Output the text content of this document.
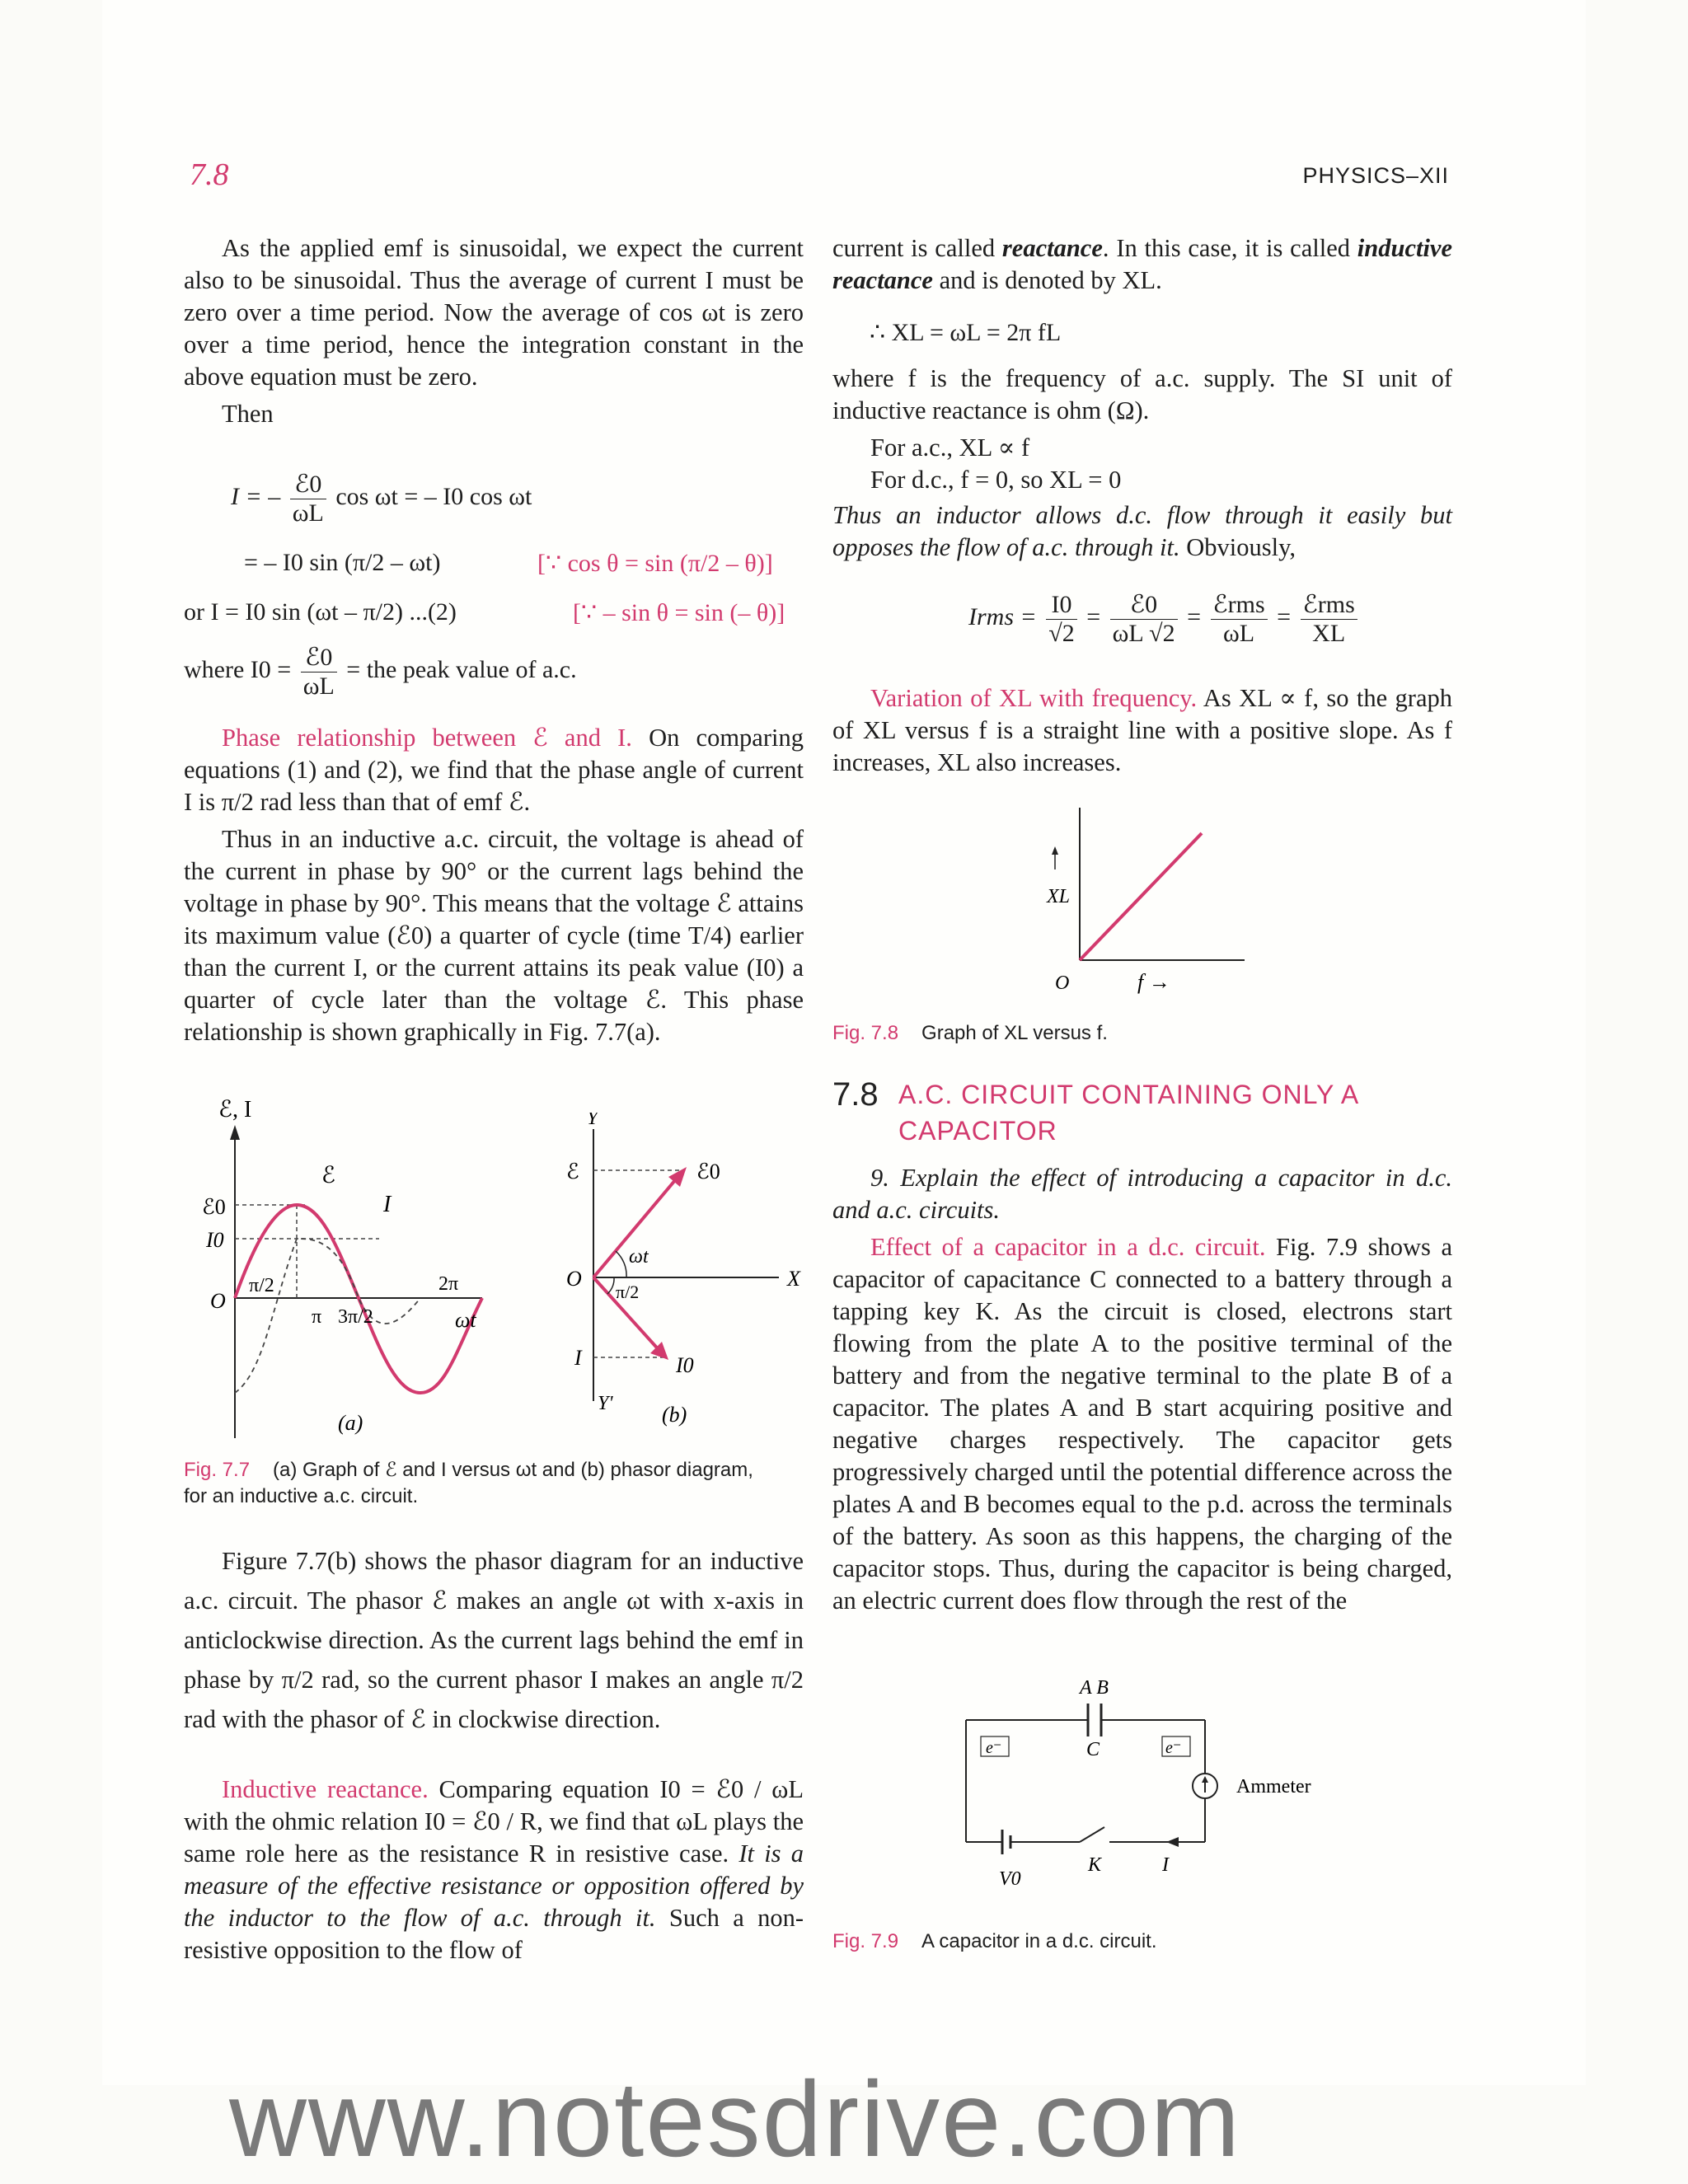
7.8	PHYSICS–XII

As the applied emf is sinusoidal, we expect the current also to be sinusoidal. Thus the average of current I must be zero over a time period. Now the average of cos ωt is zero over a time period, hence the integration constant in the above equation must be zero.

Then

I = – $\frac{\text{ℰ0}}{\omega L}$ cos ωt = – I0 cos ωt
= – I0 sin (π/2 – ωt)	[∵ cos θ = sin (π/2 – θ)]
or I = I0 sin (ωt – π/2) ...(2)	[∵ – sin θ = sin (– θ)]
where $I0 = \frac{\text{ℰ0}}{\omega L}$ = the peak value of a.c.

Phase relationship between ℰ and I. On comparing equations (1) and (2), we find that the phase angle of current I is π/2 rad less than that of emf ℰ.

Thus in an inductive a.c. circuit, the voltage is ahead of the current in phase by 90° or the current lags behind the voltage in phase by 90°. This means that the voltage ℰ attains its maximum value (ℰ0) a quarter of cycle (time T/4) earlier than the current I, or the current attains its peak value (I0) a quarter of cycle later than the voltage ℰ. This phase relationship is shown graphically in Fig. 7.7(a).

ℰ, I
ℰ0
I0
O
ℰ
I
π/2
π 3π/2
2π
ωt
(a)
Y
Y'
X
O
ℰ	ℰ0
ωt
π/2
I	I0
(b)
Fig. 7.7 (a) Graph of ℰ and I versus ωt and (b) phasor diagram, for an inductive a.c. circuit.

Figure 7.7(b) shows the phasor diagram for an inductive a.c. circuit. The phasor ℰ makes an angle ωt with x-axis in anticlockwise direction. As the current lags behind the emf in phase by π/2 rad, so the current phasor I makes an angle π/2 rad with the phasor of ℰ in clockwise direction.

Inductive reactance. Comparing equation I0 = ℰ0 / ωL with the ohmic relation I0 = ℰ0 / R, we find that ωL plays the same role here as the resistance R in resistive case. It is a measure of the effective resistance or opposition offered by the inductor to the flow of a.c. through it. Such a non-resistive opposition to the flow of

current is called reactance. In this case, it is called inductive reactance and is denoted by XL.

∴ XL = ωL = 2π fL

where f is the frequency of a.c. supply. The SI unit of inductive reactance is ohm (Ω).

For a.c., XL ∝ f

For d.c., f = 0, so XL = 0

Thus an inductor allows d.c. flow through it easily but opposes the flow of a.c. through it. Obviously,

Irms = $\frac{I0}{√2} = \frac{\text{ℰ0}}{\omega L √2} = \frac{\text{ℰrms}}{\omega L} = \frac{\text{ℰrms}}{XL}$

Variation of XL with frequency. As XL ∝ f, so the graph of XL versus f is a straight line with a positive slope. As f increases, XL also increases.

XL
O	f →
Fig. 7.8 Graph of XL versus f.
7.8 A.C. CIRCUIT CONTAINING ONLY A CAPACITOR

9. Explain the effect of introducing a capacitor in d.c. and a.c. circuits.

Effect of a capacitor in a d.c. circuit. Fig. 7.9 shows a capacitor of capacitance C connected to a battery through a tapping key K. As the circuit is closed, electrons start flowing from the plate A to the positive terminal of the battery and from the negative terminal to the plate B of a capacitor. The plates A and B start acquiring positive and negative charges respectively. The capacitor gets progressively charged until the potential difference across the plates A and B becomes equal to the p.d. across the terminals of the battery. As soon as this happens, the charging of the capacitor stops. Thus, during the capacitor is being charged, an electric current does flow through the rest of the

A B
C
e⁻	e⁻
Ammeter
K	I
V0
Fig. 7.9 A capacitor in a d.c. circuit.
www.notesdrive.com
